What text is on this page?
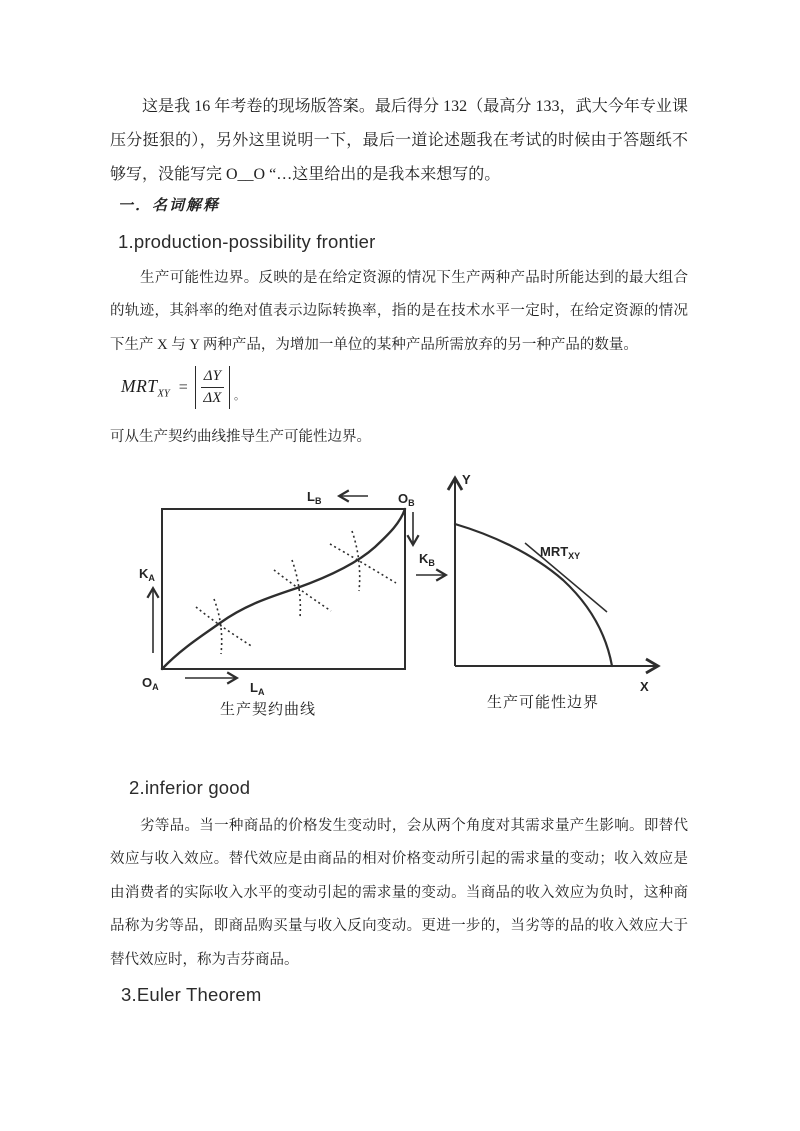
这是我 16 年考卷的现场版答案。最后得分 132（最高分 133，武大今年专业课压分挺狠的），另外这里说明一下，最后一道论述题我在考试的时候由于答题纸不够写，没能写完 O__O “…这里给出的是我本来想写的。

一．名词解释
1.production-possibility frontier

生产可能性边界。反映的是在给定资源的情况下生产两种产品时所能达到的最大组合的轨迹，其斜率的绝对值表示边际转换率，指的是在技术水平一定时，在给定资源的情况下生产 X 与 Y 两种产品，为增加一单位的某种产品所需放弃的另一种产品的数量。

$MRT_{XY} = \frac{\Delta Y}{\Delta X}$ 。

可从生产契约曲线推导生产可能性边界。

$O_A$
$K_A$
$L_A$
$L_B$	$O_B$
$K_B$
生产契约曲线
Y
X
$MRT_{XY}$
生产可能性边界
2.inferior good

劣等品。当一种商品的价格发生变动时，会从两个角度对其需求量产生影响。即替代效应与收入效应。替代效应是由商品的相对价格变动所引起的需求量的变动；收入效应是由消费者的实际收入水平的变动引起的需求量的变动。当商品的收入效应为负时，这种商品称为劣等品，即商品购买量与收入反向变动。更进一步的，当劣等的品的收入效应大于替代效应时，称为吉芬商品。

3.Euler Theorem
